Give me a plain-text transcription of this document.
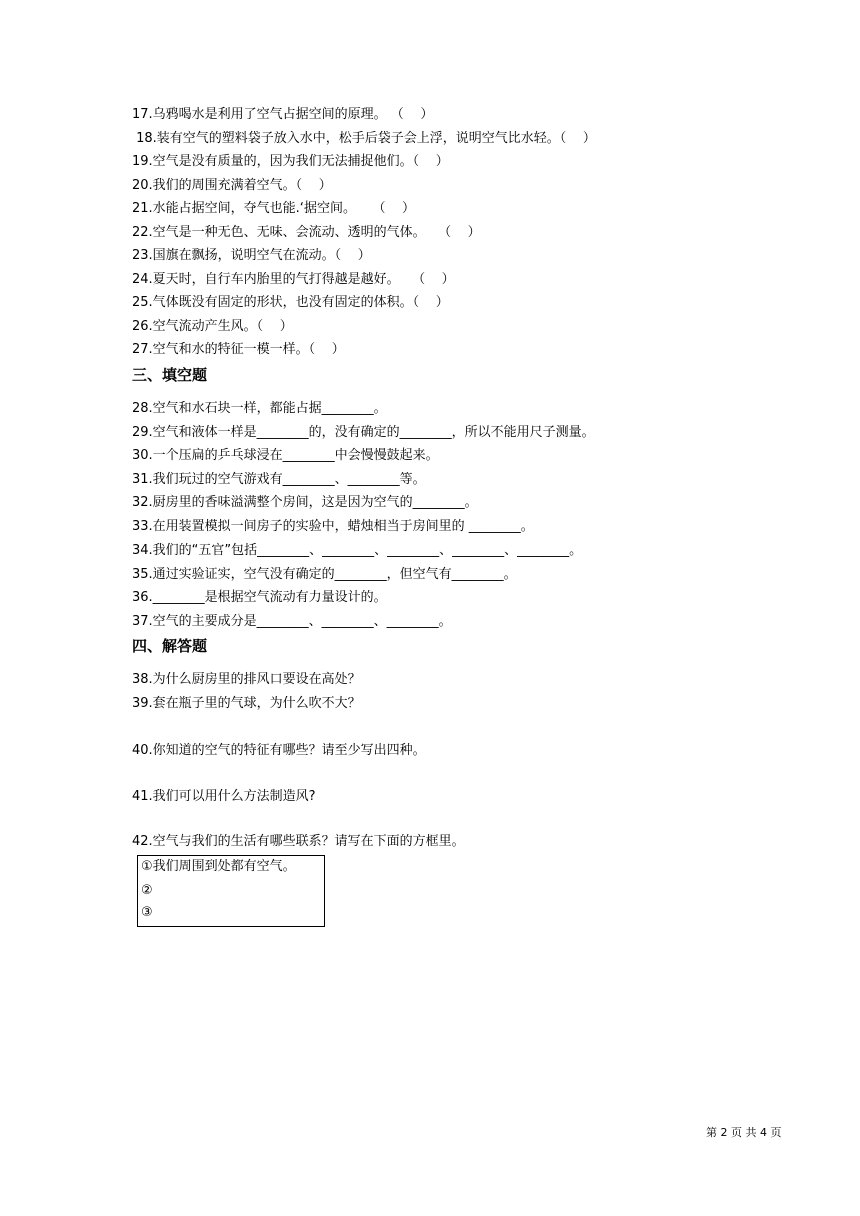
17.乌鸦喝水是利用了空气占据空间的原理。 （    ）
18.装有空气的塑料袋子放入水中，松手后袋子会上浮，说明空气比水轻。（    ）
19.空气是没有质量的，因为我们无法捕捉他们。（    ）
20.我们的周围充满着空气。（    ）
21.水能占据空间，夺气也能.‘据空间。    （    ）
22.空气是一种无色、无味、会流动、透明的气体。   （    ）
23.国旗在飘扬，说明空气在流动。（    ）
24.夏天时，自行车内胎里的气打得越是越好。   （    ）
25.气体既没有固定的形状，也没有固定的体积。（    ）
26.空气流动产生风。（    ）
27.空气和水的特征一模一样。（    ）
三、填空题
28.空气和水石块一样，都能占据________。
29.空气和液体一样是________的，没有确定的________，所以不能用尺子测量。
30.一个压扁的乒乓球浸在________中会慢慢鼓起来。
31.我们玩过的空气游戏有________、________等。
32.厨房里的香味溢满整个房间，这是因为空气的________。
33.在用装置模拟一间房子的实验中，蜡烛相当于房间里的 ________。
34.我们的“五官”包括________、________、________、________、________。
35.通过实验证实，空气没有确定的________，但空气有________。
36.________是根据空气流动有力量设计的。
37.空气的主要成分是________、________、________。
四、解答题
38.为什么厨房里的排风口要设在高处？
39.套在瓶子里的气球，为什么吹不大？
40.你知道的空气的特征有哪些？请至少写出四种。
41.我们可以用什么方法制造风?
42.空气与我们的生活有哪些联系？请写在下面的方框里。
①我们周围到处都有空气。
②
③
第 2 页 共 4 页
